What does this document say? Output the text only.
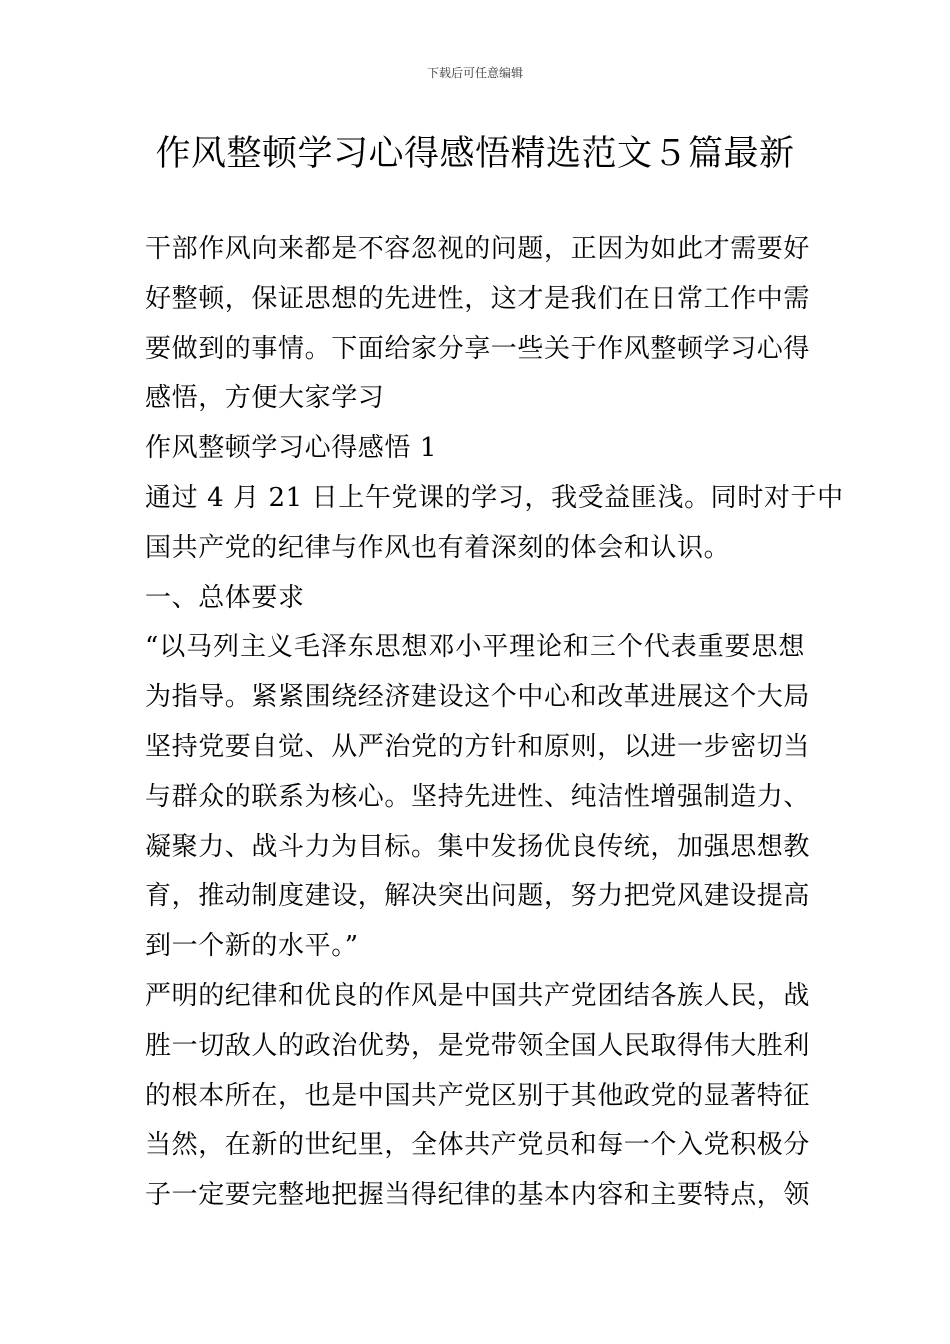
下载后可任意编辑
作风整顿学习心得感悟精选范文５篇最新

干部作风向来都是不容忽视的问题，正因为如此才需要好
好整顿，保证思想的先进性，这才是我们在日常工作中需
要做到的事情。下面给家分享一些关于作风整顿学习心得
感悟，方便大家学习

作风整顿学习心得感悟 1

通过 4 月 21 日上午党课的学习，我受益匪浅。同时对于中
国共产党的纪律与作风也有着深刻的体会和认识。

一、总体要求

“以马列主义毛泽东思想邓小平理论和三个代表重要思想
为指导。紧紧围绕经济建设这个中心和改革进展这个大局
坚持党要自觉、从严治党的方针和原则，以进一步密切当
与群众的联系为核心。坚持先进性、纯洁性增强制造力、
凝聚力、战斗力为目标。集中发扬优良传统，加强思想教
育，推动制度建设，解决突出问题，努力把党风建设提高
到一个新的水平。”

严明的纪律和优良的作风是中国共产党团结各族人民，战
胜一切敌人的政治优势，是党带领全国人民取得伟大胜利
的根本所在，也是中国共产党区别于其他政党的显著特征
当然，在新的世纪里，全体共产党员和每一个入党积极分
子一定要完整地把握当得纪律的基本内容和主要特点，领
